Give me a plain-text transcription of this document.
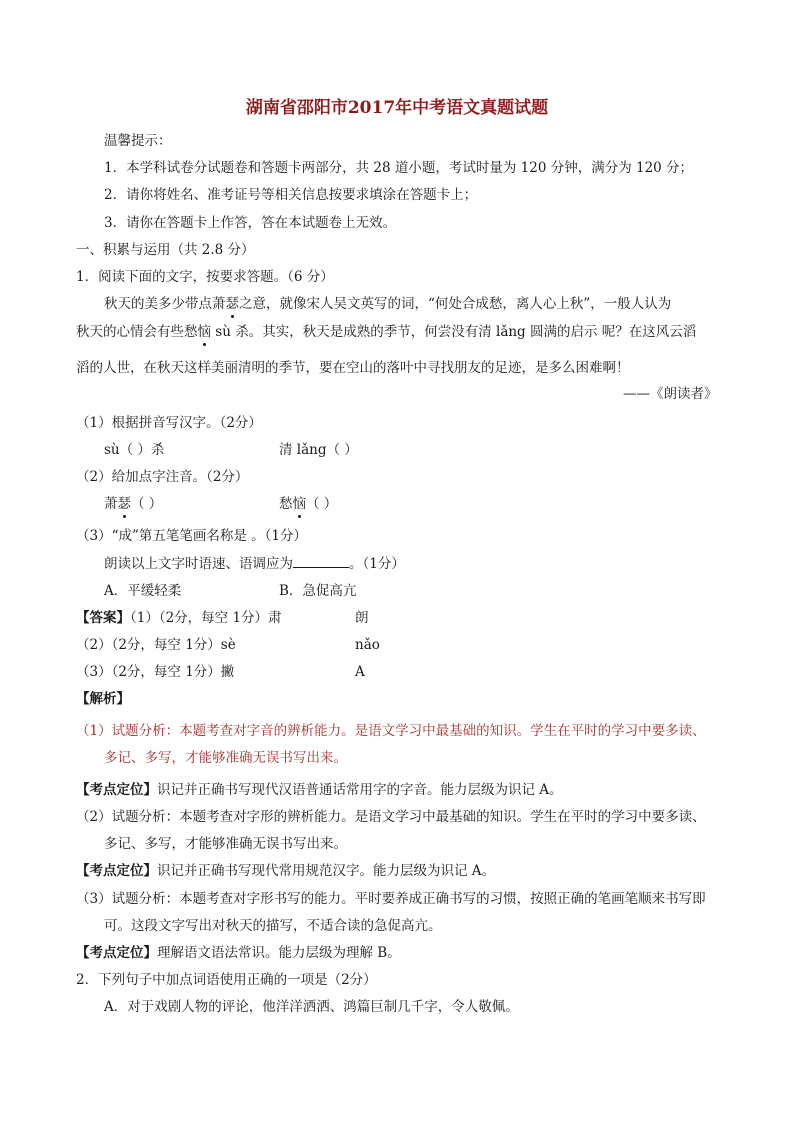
湖南省邵阳市2017年中考语文真题试题
温馨提示：
1．本学科试卷分试题卷和答题卡两部分，共 28 道小题，考试时量为 120 分钟，满分为 120 分；
2．请你将姓名、准考证号等相关信息按要求填涂在答题卡上；
3．请你在答题卡上作答，答在本试题卷上无效。
一、积累与运用（共 2.8 分）
1．阅读下面的文字，按要求答题。（6 分）
秋天的美多少带点萧瑟之意，就像宋人吴文英写的词，“何处合成愁，离人心上秋”，一般人认为
秋天的心情会有些愁恼 sù 杀。其实，秋天是成熟的季节，何尝没有清 lǎng 圆满的启示 呢？在这风云滔
滔的人世，在秋天这样美丽清明的季节，要在空山的落叶中寻找朋友的足迹，是多么困难啊！
——《朗读者》
（1）根据拼音写汉字。（2分）
sù（ ）杀	清 lǎng（ ）
（2）给加点字注音。（2分）
萧瑟（ ）	愁恼（ ）
（3）“成”第五笔笔画名称是 。（1分）
朗读以上文字时语速、语调应为	。（1分）
A．平缓轻柔	B．急促高亢
【答案】（1）（2分，每空 1分）肃	朗
（2）（2分，每空 1分）sè	nǎo
（3）（2分，每空 1分）撇	A
【解析】
（1）试题分析：本题考查对字音的辨析能力。是语文学习中最基础的知识。学生在平时的学习中要多读、
多记、多写，才能够准确无误书写出来。
【考点定位】识记并正确书写现代汉语普通话常用字的字音。能力层级为识记 A。
（2）试题分析：本题考查对字形的辨析能力。是语文学习中最基础的知识。学生在平时的学习中要多读、
多记、多写，才能够准确无误书写出来。
【考点定位】识记并正确书写现代常用规范汉字。能力层级为识记 A。
（3）试题分析：本题考查对字形书写的能力。平时要养成正确书写的习惯，按照正确的笔画笔顺来书写即
可。这段文字写出对秋天的描写，不适合读的急促高亢。
【考点定位】理解语文语法常识。能力层级为理解 B。
2．下列句子中加点词语使用正确的一项是（2分）
A．对于戏剧人物的评论，他洋洋洒洒、鸿篇巨制几千字，令人敬佩。
